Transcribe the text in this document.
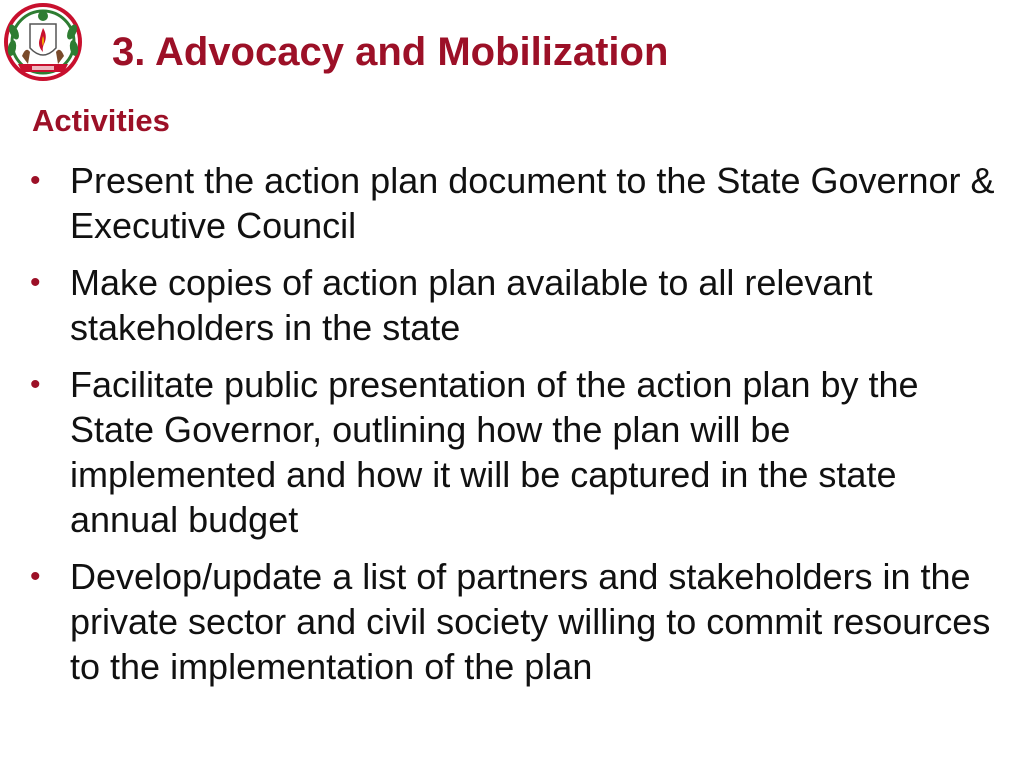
3. Advocacy and Mobilization
Activities
• Present the action plan document to the State Governor & Executive Council
• Make copies of action plan available to all relevant stakeholders in the state
• Facilitate public presentation of the action plan by the State Governor, outlining how the plan will be implemented and how it will be captured in the state annual budget
• Develop/update a list of partners and stakeholders in the private sector and civil society willing to commit resources to the implementation of the plan
